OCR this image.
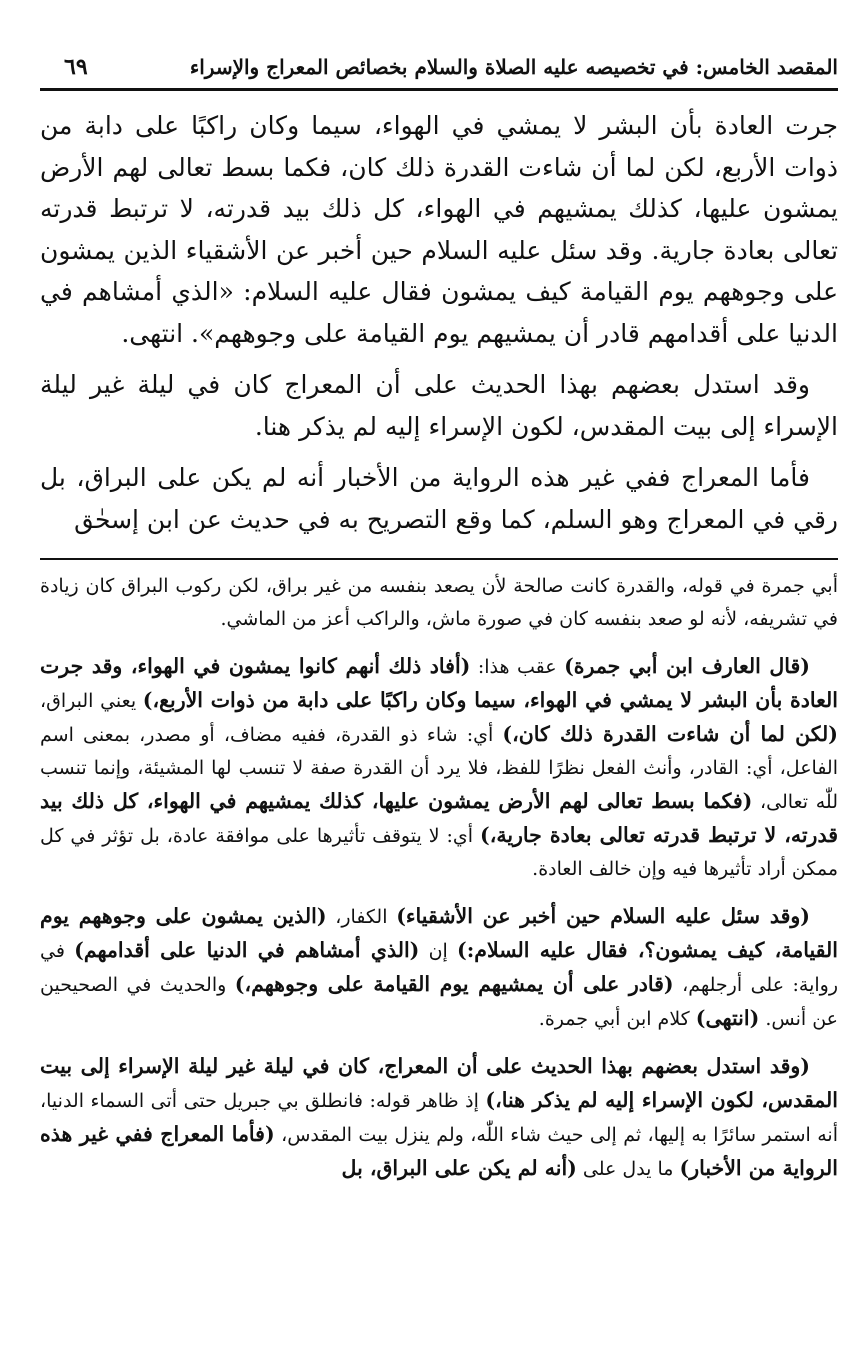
المقصد الخامس: في تخصيصه عليه الصلاة والسلام بخصائص المعراج والإسراء
٦٩

جرت العادة بأن البشر لا يمشي في الهواء، سيما وكان راكبًا على دابة من ذوات الأربع، لكن لما أن شاءت القدرة ذلك كان، فكما بسط تعالى لهم الأرض يمشون عليها، كذلك يمشيهم في الهواء، كل ذلك بيد قدرته، لا ترتبط قدرته تعالى بعادة جارية. وقد سئل عليه السلام حين أخبر عن الأشقياء الذين يمشون على وجوههم يوم القيامة كيف يمشون فقال عليه السلام: «الذي أمشاهم في الدنيا على أقدامهم قادر أن يمشيهم يوم القيامة على وجوههم». انتهى.

وقد استدل بعضهم بهذا الحديث على أن المعراج كان في ليلة غير ليلة الإسراء إلى بيت المقدس، لكون الإسراء إليه لم يذكر هنا.

فأما المعراج ففي غير هذه الرواية من الأخبار أنه لم يكن على البراق، بل رقي في المعراج وهو السلم، كما وقع التصريح به في حديث عن ابن إسحٰق

أبي جمرة في قوله، والقدرة كانت صالحة لأن يصعد بنفسه من غير براق، لكن ركوب البراق كان زيادة في تشريفه، لأنه لو صعد بنفسه كان في صورة ماش، والراكب أعز من الماشي.

(قال العارف ابن أبي جمرة) عقب هذا: (أفاد ذلك أنهم كانوا يمشون في الهواء، وقد جرت العادة بأن البشر لا يمشي في الهواء، سيما وكان راكبًا على دابة من ذوات الأربع،) يعني البراق، (لكن لما أن شاءت القدرة ذلك كان،) أي: شاء ذو القدرة، ففيه مضاف، أو مصدر، بمعنى اسم الفاعل، أي: القادر، وأنث الفعل نظرًا للفظ، فلا يرد أن القدرة صفة لا تنسب لها المشيئة، وإنما تنسب للّٰه تعالى، (فكما بسط تعالى لهم الأرض يمشون عليها، كذلك يمشيهم في الهواء، كل ذلك بيد قدرته، لا ترتبط قدرته تعالى بعادة جارية،) أي: لا يتوقف تأثيرها على موافقة عادة، بل تؤثر في كل ممكن أراد تأثيرها فيه وإن خالف العادة.

(وقد سئل عليه السلام حين أخبر عن الأشقياء) الكفار، (الذين يمشون على وجوههم يوم القيامة، كيف يمشون؟، فقال عليه السلام:) إن (الذي أمشاهم في الدنيا على أقدامهم) في رواية: على أرجلهم، (قادر على أن يمشيهم يوم القيامة على وجوههم،) والحديث في الصحيحين عن أنس. (انتهى) كلام ابن أبي جمرة.

(وقد استدل بعضهم بهذا الحديث على أن المعراج، كان في ليلة غير ليلة الإسراء إلى بيت المقدس، لكون الإسراء إليه لم يذكر هنا،) إذ ظاهر قوله: فانطلق بي جبريل حتى أتى السماء الدنيا، أنه استمر سائرًا به إليها، ثم إلى حيث شاء اللّٰه، ولم ينزل بيت المقدس، (فأما المعراج ففي غير هذه الرواية من الأخبار) ما يدل على (أنه لم يكن على البراق، بل
